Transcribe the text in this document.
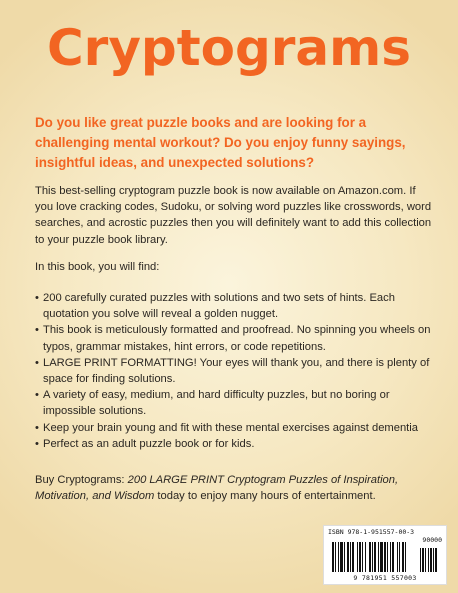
Cryptograms
Do you like great puzzle books and are looking for a challenging mental workout? Do you enjoy funny sayings, insightful ideas, and unexpected solutions?
This best-selling cryptogram puzzle book is now available on Amazon.com. If you love cracking codes, Sudoku, or solving word puzzles like crosswords, word searches, and acrostic puzzles then you will definitely want to add this collection to your puzzle book library.
In this book, you will find:
• 200 carefully curated puzzles with solutions and two sets of hints. Each quotation you solve will reveal a golden nugget.
• This book is meticulously formatted and proofread. No spinning you wheels on typos, grammar mistakes, hint errors, or code repetitions.
• LARGE PRINT FORMATTING! Your eyes will thank you, and there is plenty of space for finding solutions.
• A variety of easy, medium, and hard difficulty puzzles, but no boring or impossible solutions.
• Keep your brain young and fit with these mental exercises against dementia
• Perfect as an adult puzzle book or for kids.
Buy Cryptograms: 200 LARGE PRINT Cryptogram Puzzles of Inspiration, Motivation, and Wisdom today to enjoy many hours of entertainment.
ISBN 978-1-951557-00-3
90000
9 781951 557003
